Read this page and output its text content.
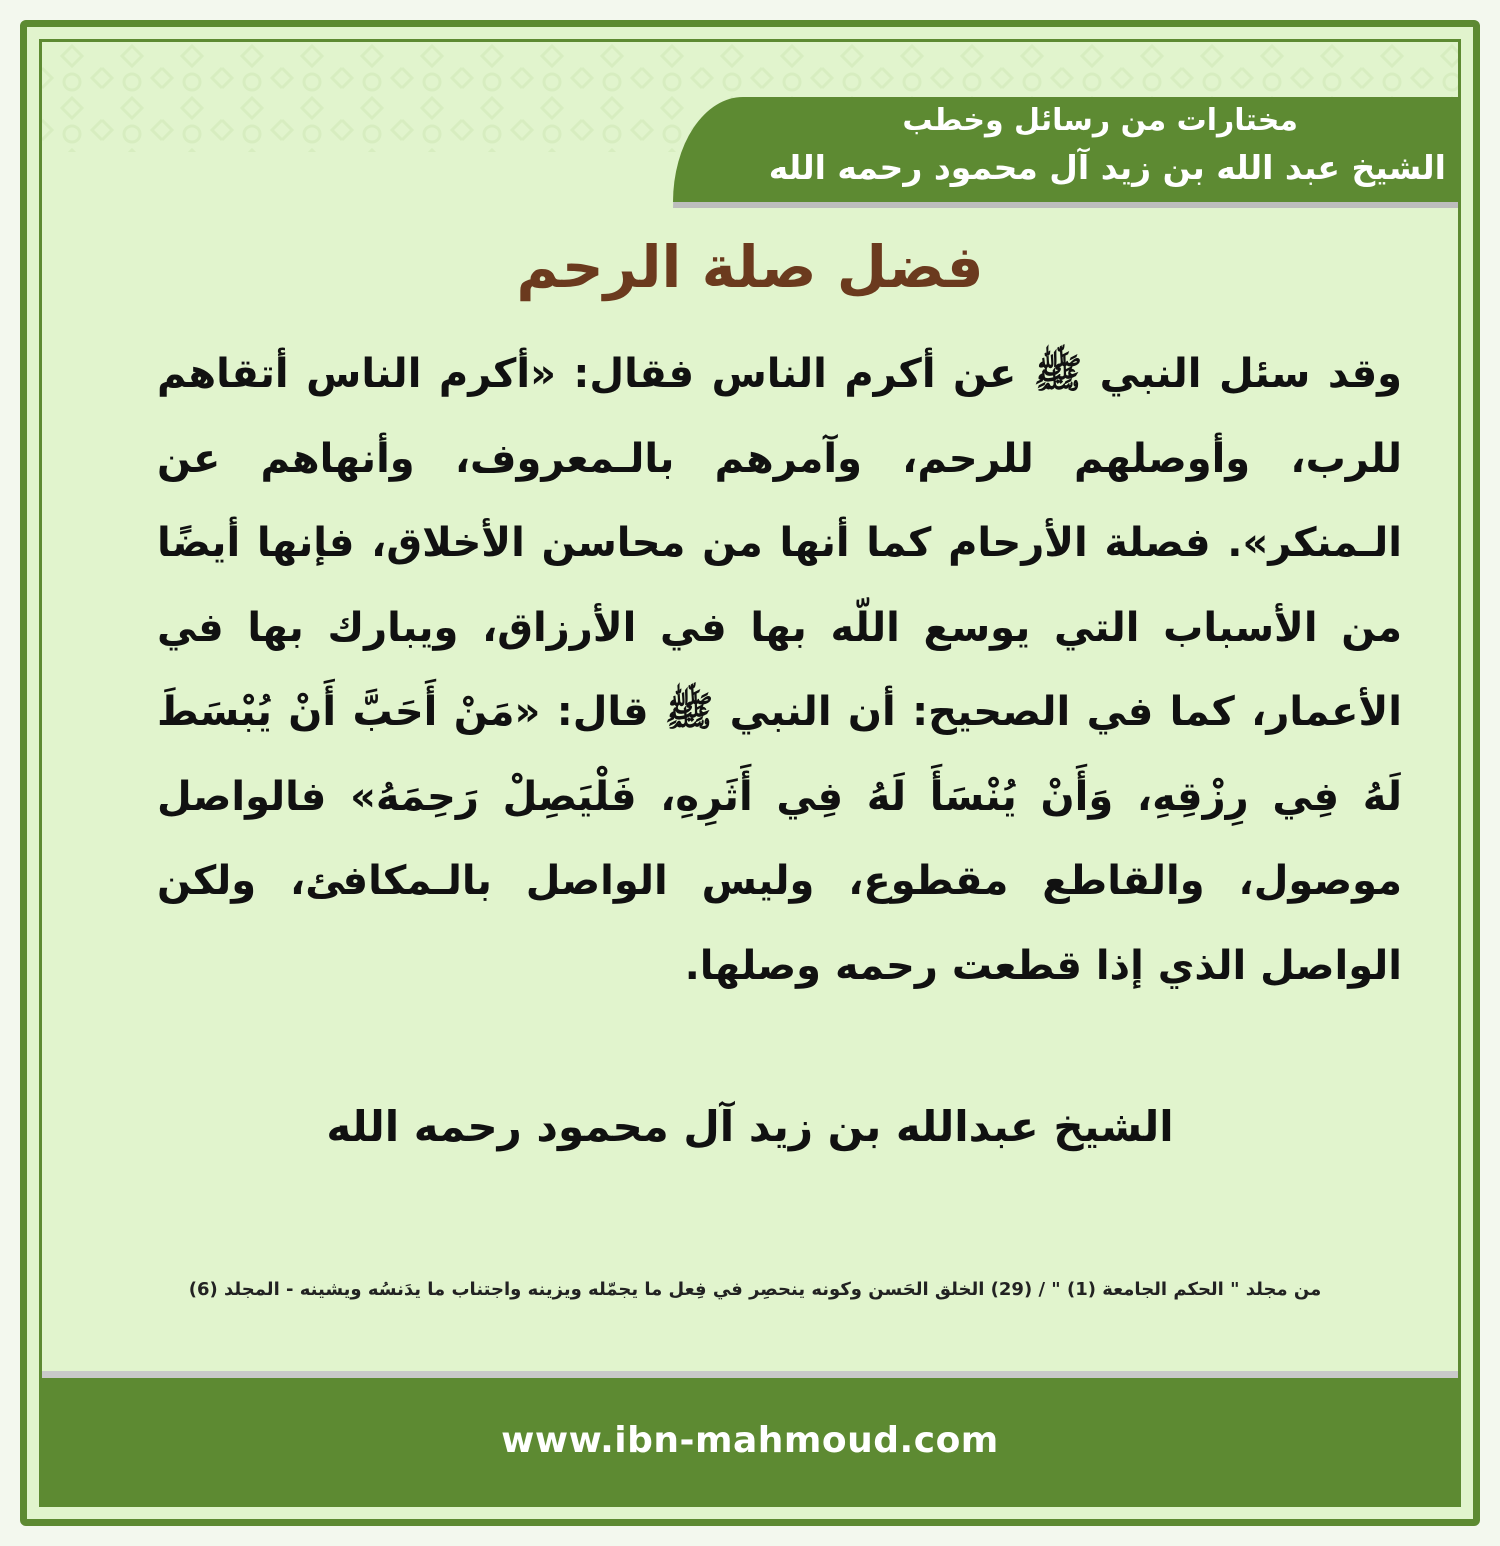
مختارات من رسائل وخطب
الشيخ عبد الله بن زيد آل محمود رحمه الله
فضل صلة الرحم
وقد سئل النبي ﷺ عن أكرم الناس فقال: «أكرم الناس أتقاهم للرب، وأوصلهم للرحم، وآمرهم بالـمعروف، وأنهاهم عن الـمنكر». فصلة الأرحام كما أنها من محاسن الأخلاق، فإنها أيضًا من الأسباب التي يوسع اللّه بها في الأرزاق، ويبارك بها في الأعمار، كما في الصحيح: أن النبي ﷺ قال: «مَنْ أَحَبَّ أَنْ يُبْسَطَ لَهُ فِي رِزْقِهِ، وَأَنْ يُنْسَأَ لَهُ فِي أَثَرِهِ، فَلْيَصِلْ رَحِمَهُ» فالواصل موصول، والقاطع مقطوع، وليس الواصل بالـمكافئ، ولكن الواصل الذي إذا قطعت رحمه وصلها.
الشيخ عبدالله بن زيد آل محمود رحمه الله
من مجلد " الحكم الجامعة (1) " / (29) الخلق الحَسن وكونه ينحصِر في فِعل ما يجمّله ويزينه واجتناب ما يدَنسُه ويشينه - المجلد (6)
www.ibn-mahmoud.com
